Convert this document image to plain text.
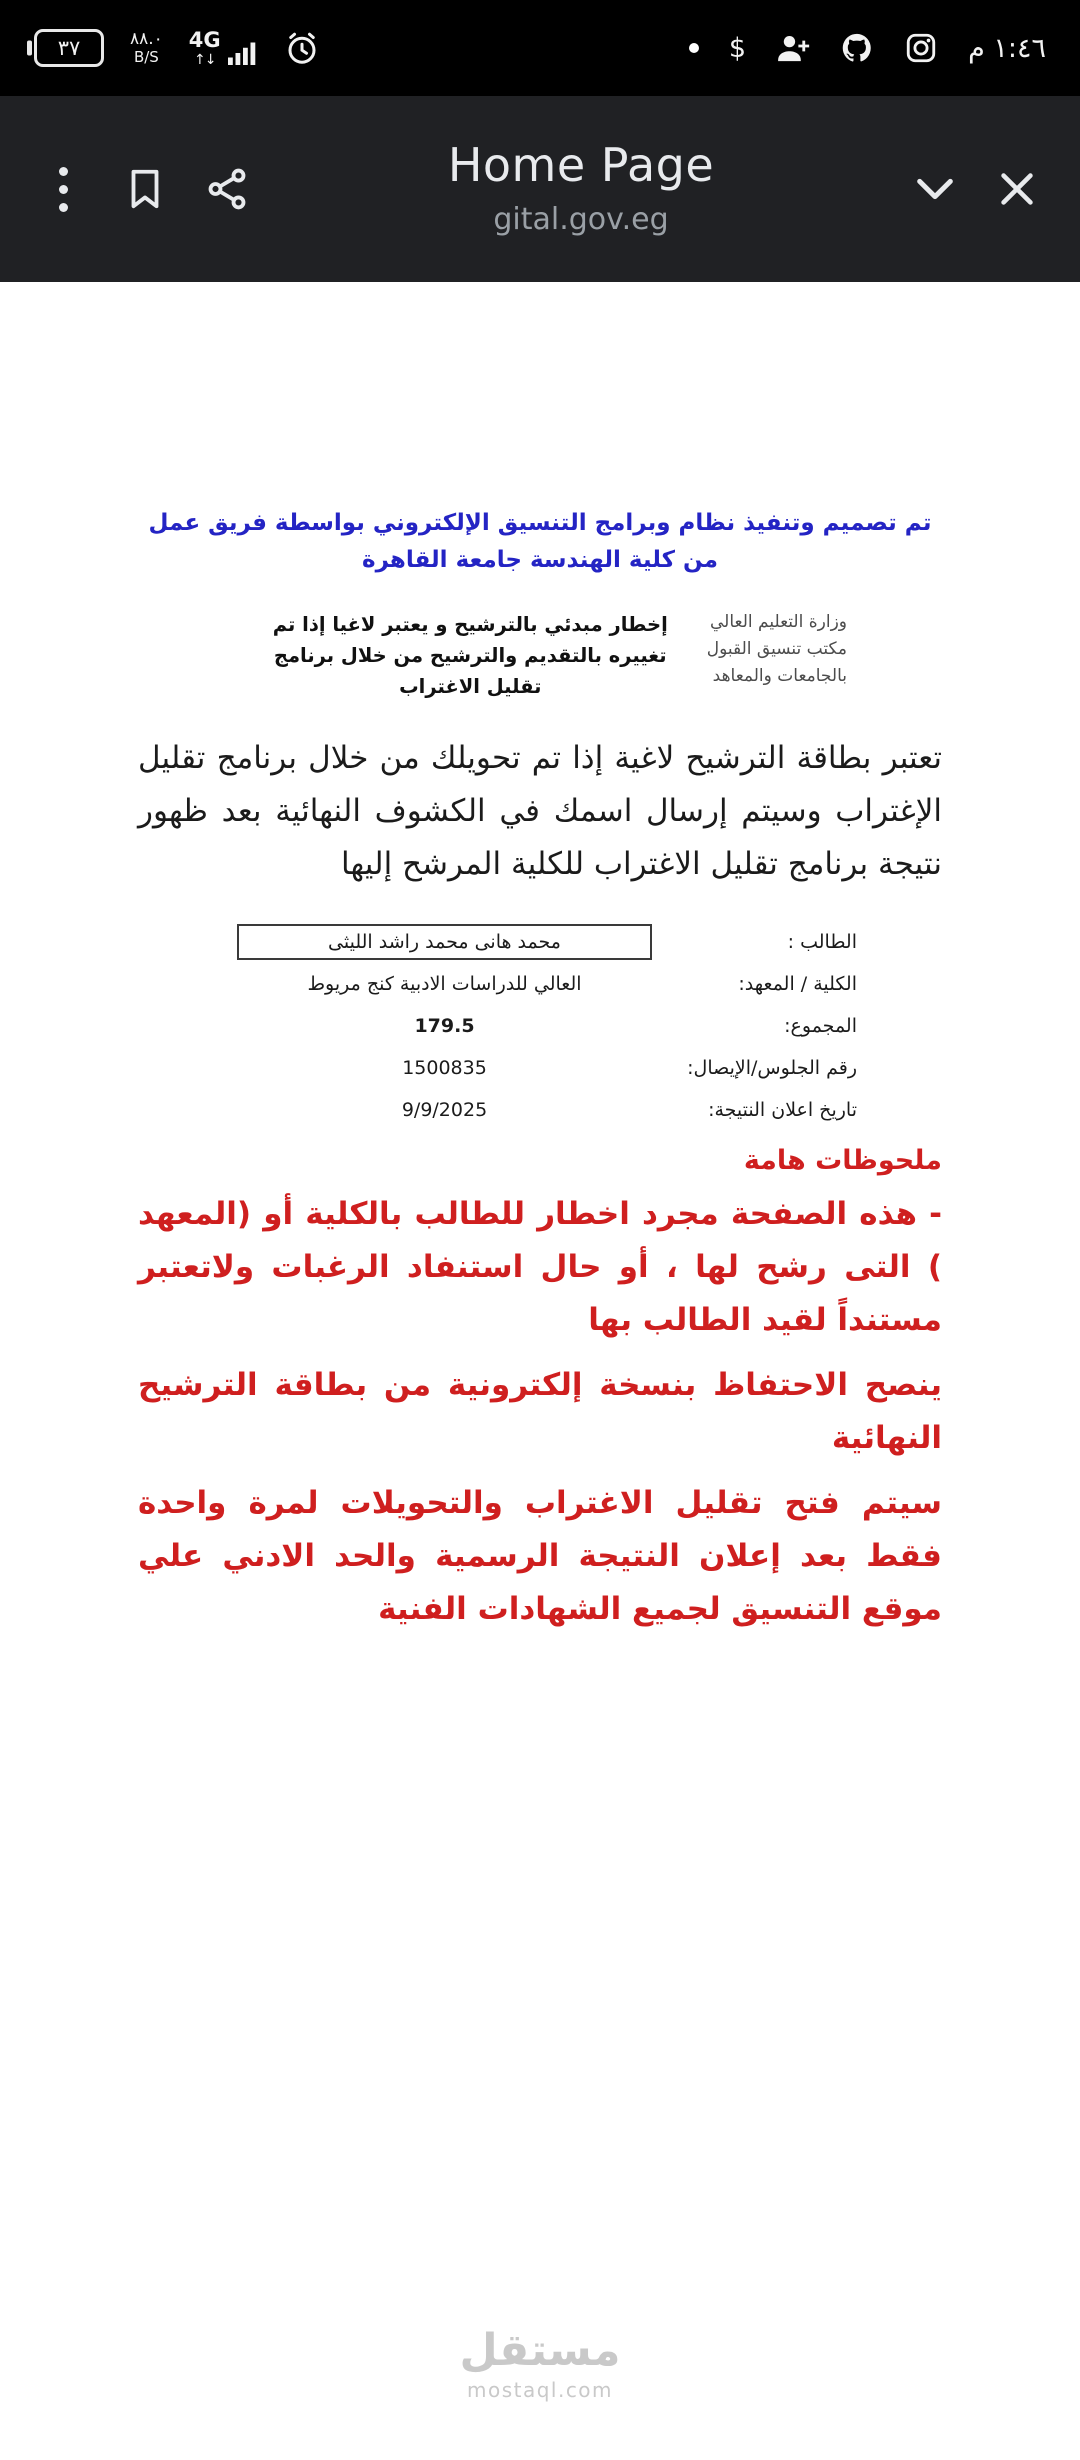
٣٧	٨٨.٠
B/S
4G
↑↓	$	١:٤٦ م
Home Page
gital.gov.eg

تم تصميم وتنفيذ نظام وبرامج التنسيق الإلكتروني بواسطة فريق عمل من كلية الهندسة جامعة القاهرة

وزارة التعليم العالي مكتب تنسيق القبول بالجامعات والمعاهد
إخطار مبدئي بالترشيح و يعتبر لاغيا إذا تم تغييره بالتقديم والترشيح من خلال برنامج تقليل الاغتراب

تعتبر بطاقة الترشيح لاغية إذا تم تحويلك من خلال برنامج تقليل الإغتراب وسيتم إرسال اسمك في الكشوف النهائية بعد ظهور نتيجة برنامج تقليل الاغتراب للكلية المرشح إليها

الطالب :
محمد هانى محمد راشد الليثى
الكلية / المعهد:
العالي للدراسات الادبية كنج مريوط
المجموع:
179.5
رقم الجلوس/الإيصال:
1500835
تاريخ اعلان النتيجة:
9/9/2025
ملحوظات هامة

- هذه الصفحة مجرد اخطار للطالب بالكلية أو (المعهد ) التى رشح لها ، أو حال استنفاد الرغبات ولاتعتبر مستنداً لقيد الطالب بها

ينصح الاحتفاظ بنسخة إلكترونية من بطاقة الترشيح النهائية

سيتم فتح تقليل الاغتراب والتحويلات لمرة واحدة فقط بعد إعلان النتيجة الرسمية والحد الادني علي موقع التنسيق لجميع الشهادات الفنية

مستقل
mostaql.com
